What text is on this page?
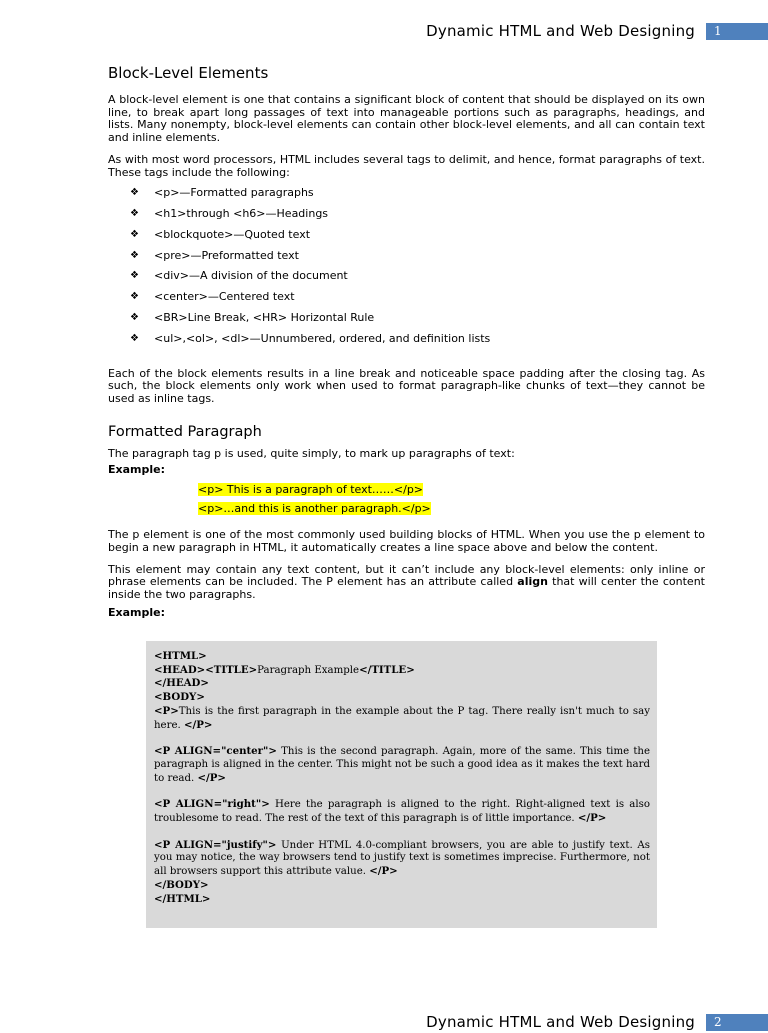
Dynamic HTML and Web Designing	1
Block-Level Elements

A block-level element is one that contains a significant block of content that should be displayed on its own line, to break apart long passages of text into manageable portions such as paragraphs, headings, and lists. Many nonempty, block-level elements can contain other block-level elements, and all can contain text and inline elements.

As with most word processors, HTML includes several tags to delimit, and hence, format paragraphs of text. These tags include the following:

❖	<p>—Formatted paragraphs
❖	<h1>through <h6>—Headings
❖	<blockquote>—Quoted text
❖	<pre>—Preformatted text
❖	<div>—A division of the document
❖	<center>—Centered text
❖	<BR>Line Break, <HR> Horizontal Rule
❖	<ul>,<ol>, <dl>—Unnumbered, ordered, and definition lists

Each of the block elements results in a line break and noticeable space padding after the closing tag. As such, the block elements only work when used to format paragraph-like chunks of text—they cannot be used as inline tags.

Formatted Paragraph

The paragraph tag p is used, quite simply, to mark up paragraphs of text:

Example:
<p> This is a paragraph of text……</p>
<p>…and this is another paragraph.</p>

The p element is one of the most commonly used building blocks of HTML. When you use the p element to begin a new paragraph in HTML, it automatically creates a line space above and below the content.

This element may contain any text content, but it can’t include any block-level elements: only inline or phrase elements can be included. The P element has an attribute called align that will center the content inside the two paragraphs.

Example:
<HTML>
<HEAD><TITLE>Paragraph Example</TITLE>
</HEAD>
<BODY>
<P>This is the first paragraph in the example about the P tag. There really isn't much to say here. </P>
<P ALIGN="center"> This is the second paragraph. Again, more of the same. This time the paragraph is aligned in the center. This might not be such a good idea as it makes the text hard to read. </P>
<P ALIGN="right"> Here the paragraph is aligned to the right. Right-aligned text is also troublesome to read. The rest of the text of this paragraph is of little importance. </P>
<P ALIGN="justify"> Under HTML 4.0-compliant browsers, you are able to justify text. As you may notice, the way browsers tend to justify text is sometimes imprecise. Furthermore, not all browsers support this attribute value. </P>
</BODY>
</HTML>
Dynamic HTML and Web Designing	2
